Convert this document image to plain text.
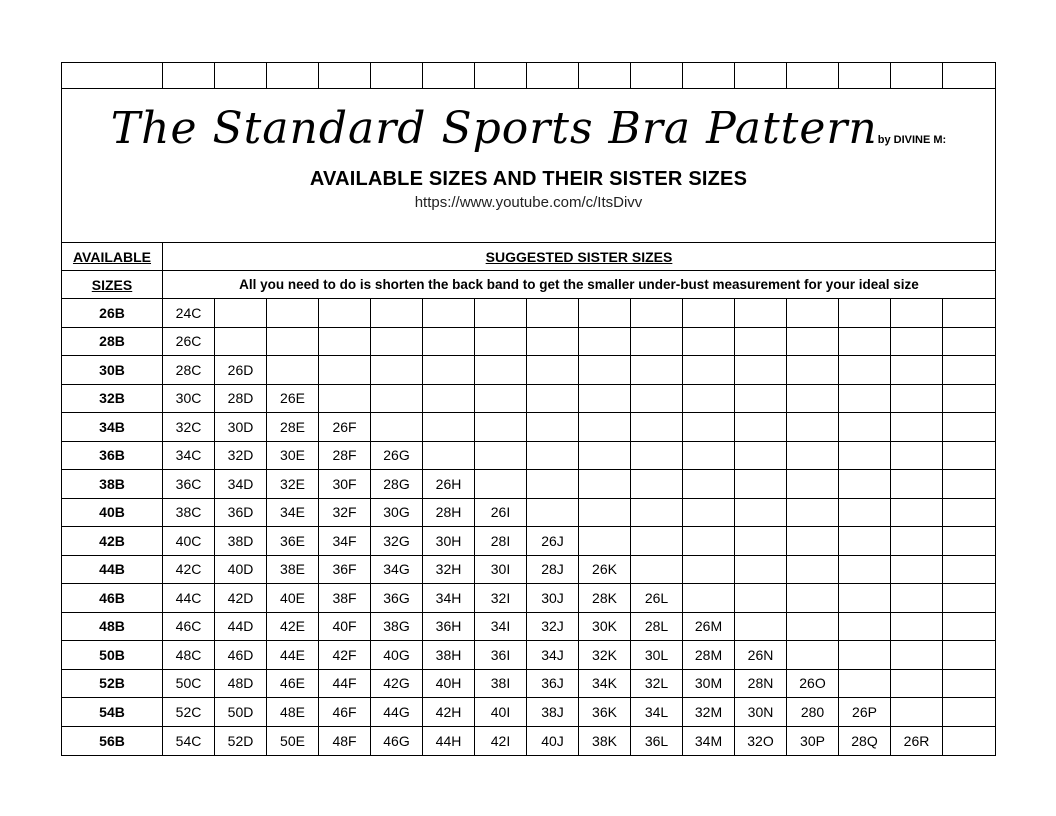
The Standard Sports Bra Patternby DIVINE M:
AVAILABLE SIZES AND THEIR SISTER SIZES
https://www.youtube.com/c/ItsDivv
AVAILABLE	SUGGESTED SISTER SIZES
SIZES	All you need to do is shorten the back band to get the smaller under-bust measurement for your ideal size
26B	24C
28B	26C
30B	28C	26D
32B	30C	28D	26E
34B	32C	30D	28E	26F
36B	34C	32D	30E	28F	26G
38B	36C	34D	32E	30F	28G	26H
40B	38C	36D	34E	32F	30G	28H	26I
42B	40C	38D	36E	34F	32G	30H	28I	26J
44B	42C	40D	38E	36F	34G	32H	30I	28J	26K
46B	44C	42D	40E	38F	36G	34H	32I	30J	28K	26L
48B	46C	44D	42E	40F	38G	36H	34I	32J	30K	28L	26M
50B	48C	46D	44E	42F	40G	38H	36I	34J	32K	30L	28M	26N
52B	50C	48D	46E	44F	42G	40H	38I	36J	34K	32L	30M	28N	26O
54B	52C	50D	48E	46F	44G	42H	40I	38J	36K	34L	32M	30N	280	26P
56B	54C	52D	50E	48F	46G	44H	42I	40J	38K	36L	34M	32O	30P	28Q	26R
